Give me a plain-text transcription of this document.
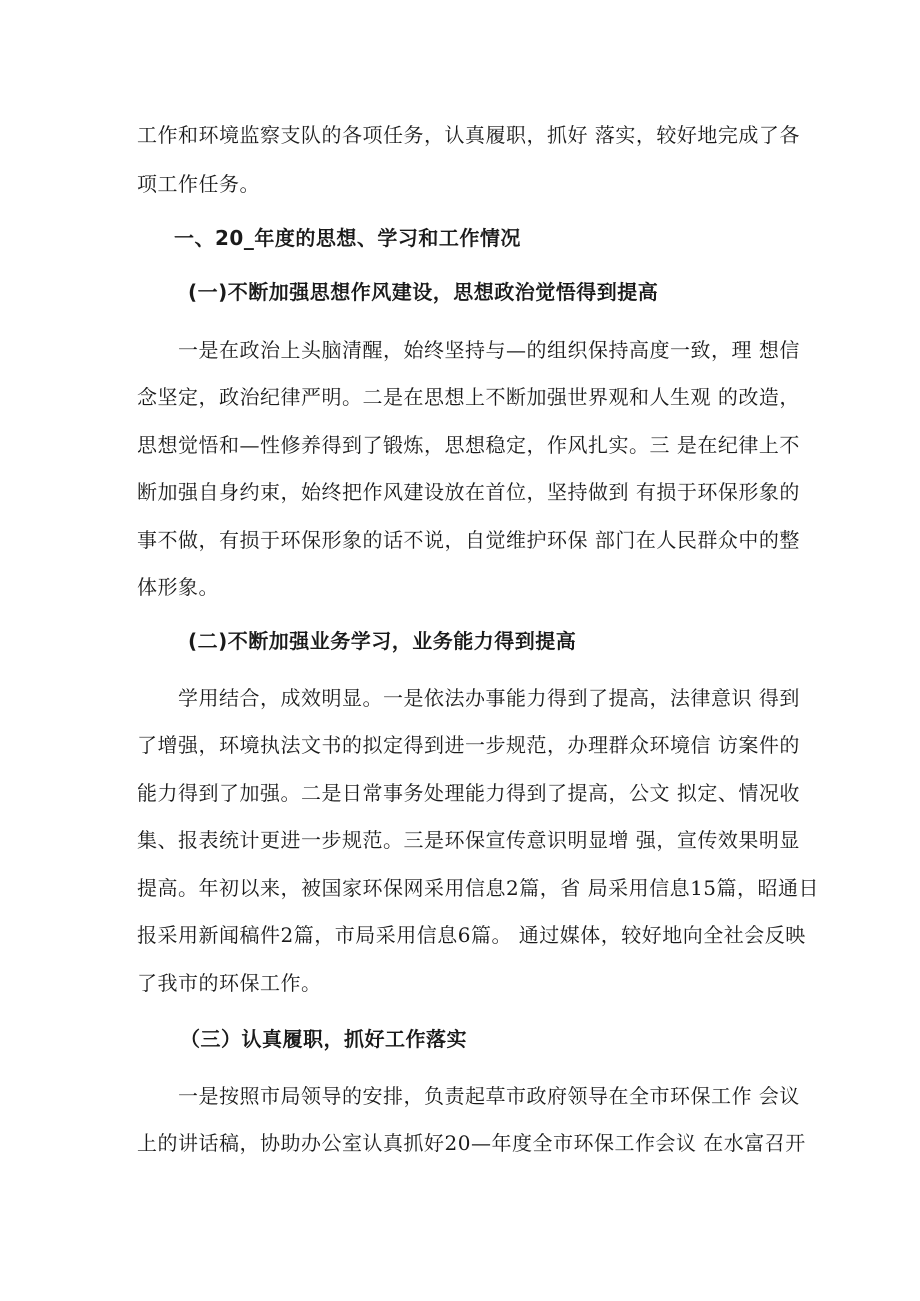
工作和环境监察支队的各项任务，认真履职，抓好 落实，较好地完成了各
项工作任务。
一、20_年度的思想、学习和工作情况
(一)不断加强思想作风建设，思想政治觉悟得到提高
一是在政治上头脑清醒，始终坚持与—的组织保持高度一致，理 想信
念坚定，政治纪律严明。二是在思想上不断加强世界观和人生观 的改造，
思想觉悟和—性修养得到了锻炼，思想稳定，作风扎实。三 是在纪律上不
断加强自身约束，始终把作风建设放在首位，坚持做到 有损于环保形象的
事不做，有损于环保形象的话不说，自觉维护环保 部门在人民群众中的整
体形象。
(二)不断加强业务学习，业务能力得到提高
学用结合，成效明显。一是依法办事能力得到了提高，法律意识 得到
了增强，环境执法文书的拟定得到进一步规范，办理群众环境信 访案件的
能力得到了加强。二是日常事务处理能力得到了提高，公文 拟定、情况收
集、报表统计更进一步规范。三是环保宣传意识明显增 强，宣传效果明显
提高。年初以来，被国家环保网采用信息2篇，省 局采用信息15篇，昭通日
报采用新闻稿件2篇，市局采用信息6篇。 通过媒体，较好地向全社会反映
了我市的环保工作。
（三）认真履职，抓好工作落实
一是按照市局领导的安排，负责起草市政府领导在全市环保工作 会议
上的讲话稿，协助办公室认真抓好20—年度全市环保工作会议 在水富召开
